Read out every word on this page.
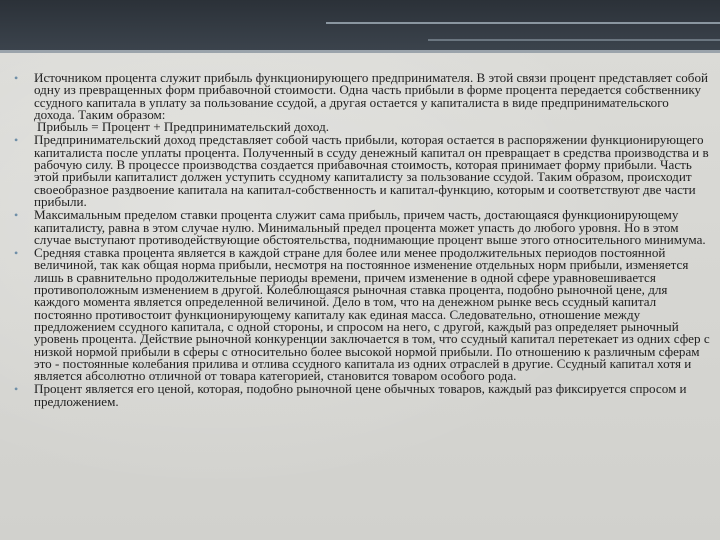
• Источником процента служит прибыль функционирующего предпринимателя. В этой связи процент представляет собой одну из превращенных форм прибавочной стоимости. Одна часть прибыли в форме процента передается собственнику ссудного капитала в уплату за пользование ссудой, а другая остается у капиталиста в виде предпринимательского дохода. Таким образом:
Прибыль = Процент + Предпринимательский доход.
• Предпринимательский доход представляет собой часть прибыли, которая остается в распоряжении функционирующего капиталиста после уплаты процента. Полученный в ссуду денежный капитал он превращает в средства производства и в рабочую силу. В процессе производства создается прибавочная стоимость, которая принимает форму прибыли. Часть этой прибыли капиталист должен уступить ссудному капиталисту за пользование ссудой. Таким образом, происходит своеобразное раздвоение капитала на капитал-собственность и капитал-функцию, которым и соответствуют две части прибыли.
• Максимальным пределом ставки процента служит сама прибыль, причем часть, достающаяся функционирующему капиталисту, равна в этом случае нулю. Минимальный предел процента может упасть до любого уровня. Но в этом случае выступают противодействующие обстоятельства, поднимающие процент выше этого относительного минимума.
• Средняя ставка процента является в каждой стране для более или менее продолжительных периодов постоянной величиной, так как общая норма прибыли, несмотря на постоянное изменение отдельных норм прибыли, изменяется лишь в сравнительно продолжительные периоды времени, причем изменение в одной сфере уравновешивается противоположным изменением в другой. Колеблющаяся рыночная ставка процента, подобно рыночной цене, для каждого момента является определенной величиной. Дело в том, что на денежном рынке весь ссудный капитал постоянно противостоит функционирующему капиталу как единая масса. Следовательно, отношение между предложением ссудного капитала, с одной стороны, и спросом на него, с другой, каждый раз определяет рыночный уровень процента. Действие рыночной конкуренции заключается в том, что ссудный капитал перетекает из одних сфер с низкой нормой прибыли в сферы с относительно более высокой нормой прибыли. По отношению к различным сферам это - постоянные колебания прилива и отлива ссудного капитала из одних отраслей в другие. Ссудный капитал хотя и является абсолютно отличной от товара категорией, становится товаром особого рода.
• Процент является его ценой, которая, подобно рыночной цене обычных товаров, каждый раз фиксируется спросом и предложением.
